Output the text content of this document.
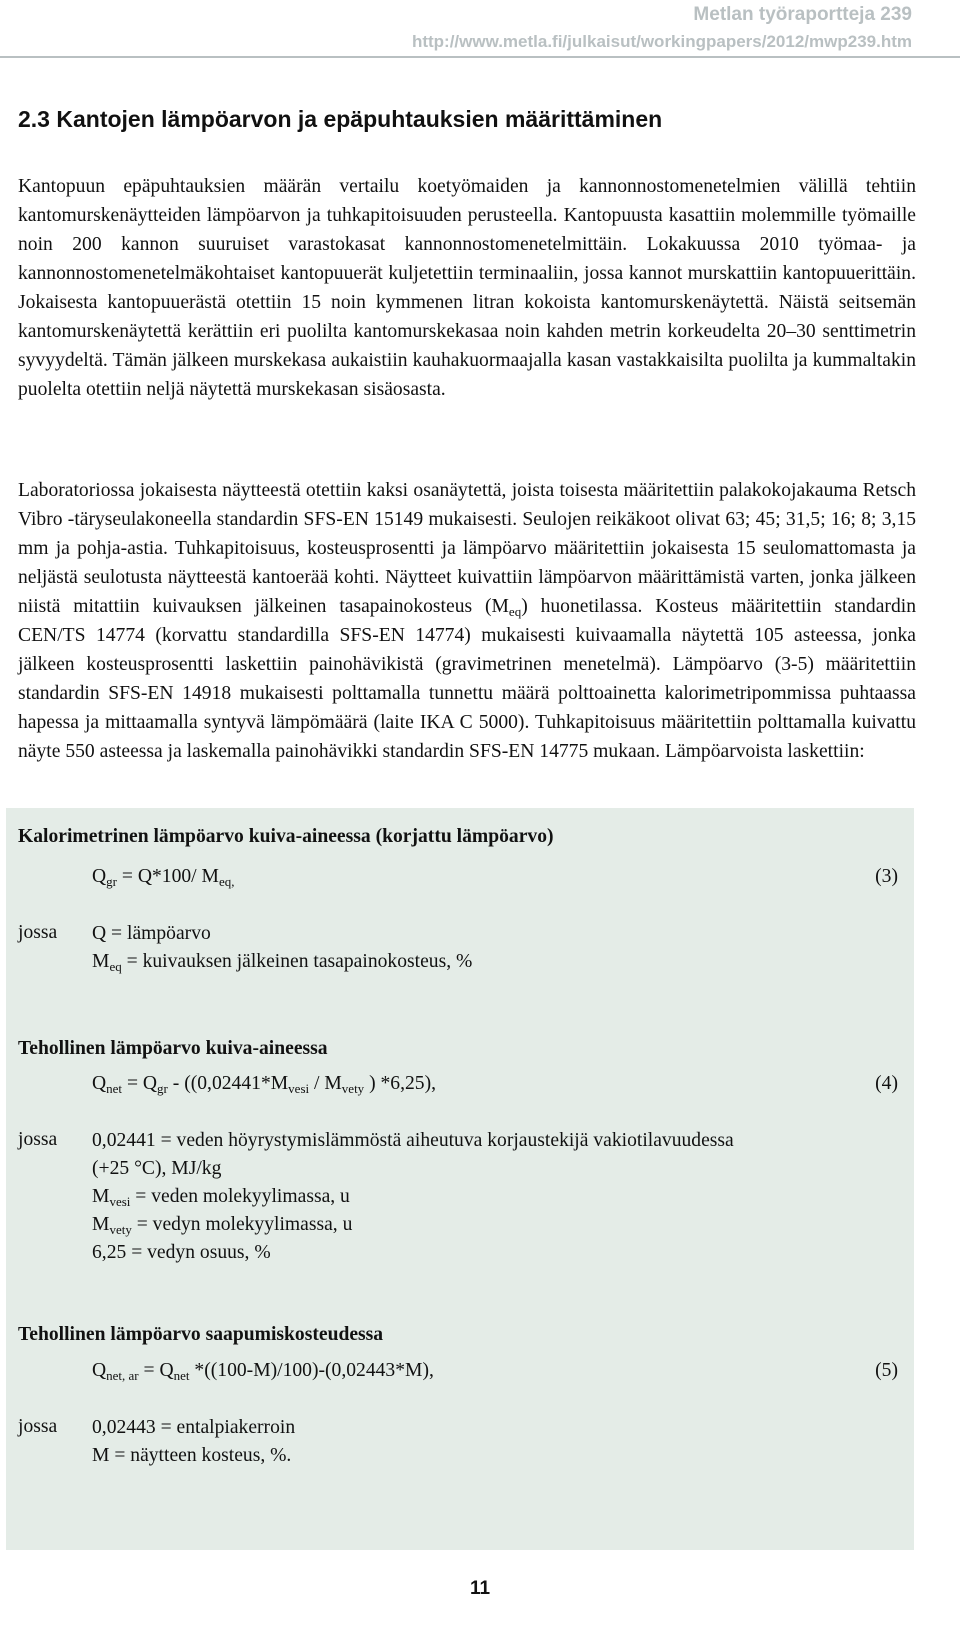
Metlan työraportteja 239
http://www.metla.fi/julkaisut/workingpapers/2012/mwp239.htm
2.3 Kantojen lämpöarvon ja epäpuhtauksien määrittäminen

Kantopuun epäpuhtauksien määrän vertailu koetyömaiden ja kannonnostomenetelmien välillä tehtiin kantomurskenäytteiden lämpöarvon ja tuhkapitoisuuden perusteella. Kantopuusta kasattiin molemmille työmaille noin 200 kannon suuruiset varastokasat kannonnostomenetelmittäin. Lokakuussa 2010 työmaa- ja kannonnostomenetelmäkohtaiset kantopuuerät kuljetettiin terminaaliin, jossa kannot murskattiin kantopuuerittäin. Jokaisesta kantopuuerästä otettiin 15 noin kymmenen litran kokoista kantomurskenäytettä. Näistä seitsemän kantomurskenäytettä kerättiin eri puolilta kantomurskekasaa noin kahden metrin korkeudelta 20–30 senttimetrin syvyydeltä. Tämän jälkeen murskekasa aukaistiin kauhakuormaajalla kasan vastakkaisilta puolilta ja kummaltakin puolelta otettiin neljä näytettä murskekasan sisäosasta.

Laboratoriossa jokaisesta näytteestä otettiin kaksi osanäytettä, joista toisesta määritettiin palakokojakauma Retsch Vibro -täryseulakoneella standardin SFS-EN 15149 mukaisesti. Seulojen reikäkoot olivat 63; 45; 31,5; 16; 8; 3,15 mm ja pohja-astia. Tuhkapitoisuus, kosteusprosentti ja lämpöarvo määritettiin jokaisesta 15 seulomattomasta ja neljästä seulotusta näytteestä kantoerää kohti. Näytteet kuivattiin lämpöarvon määrittämistä varten, jonka jälkeen niistä mitattiin kuivauksen jälkeinen tasapainokosteus $(M_{eq})$ huonetilassa. Kosteus määritettiin standardin CEN/TS 14774 (korvattu standardilla SFS-EN 14774) mukaisesti kuivaamalla näytettä 105 asteessa, jonka jälkeen kosteusprosentti laskettiin painohävikistä (gravimetrinen menetelmä). Lämpöarvo (3-5) määritettiin standardin SFS-EN 14918 mukaisesti polttamalla tunnettu määrä polttoainetta kalorimetripommissa puhtaassa hapessa ja mittaamalla syntyvä lämpömäärä (laite IKA C 5000). Tuhkapitoisuus määritettiin polttamalla kuivattu näyte 550 asteessa ja laskemalla painohävikki standardin SFS-EN 14775 mukaan. Lämpöarvoista laskettiin:

Kalorimetrinen lämpöarvo kuiva-aineessa (korjattu lämpöarvo)
$Q_{gr} = Q*100/$ $M_{eq,}$	(3)
jossa Q = lämpöarvo
$M_{eq}$ = kuivauksen jälkeinen tasapainokosteus, %
Tehollinen lämpöarvo kuiva-aineessa
$Q_{net} = Q_{gr} - ((0,02441*M_{vesi} / M_{vety}$ ) *6,25),	(4)
jossa 0,02441 = veden höyrystymislämmöstä aiheutuva korjaustekijä vakiotilavuudessa
(+25 °C), MJ/kg
$M_{vesi}$ = veden molekyylimassa, u
$M_{vety}$ = vedyn molekyylimassa, u
6,25 = vedyn osuus, %
Tehollinen lämpöarvo saapumiskosteudessa
$Q_{net, ar} = Q_{net}$ *((100-M)/100)-(0,02443*M),	(5)
jossa 0,02443 = entalpiakerroin
M = näytteen kosteus, %.
11
